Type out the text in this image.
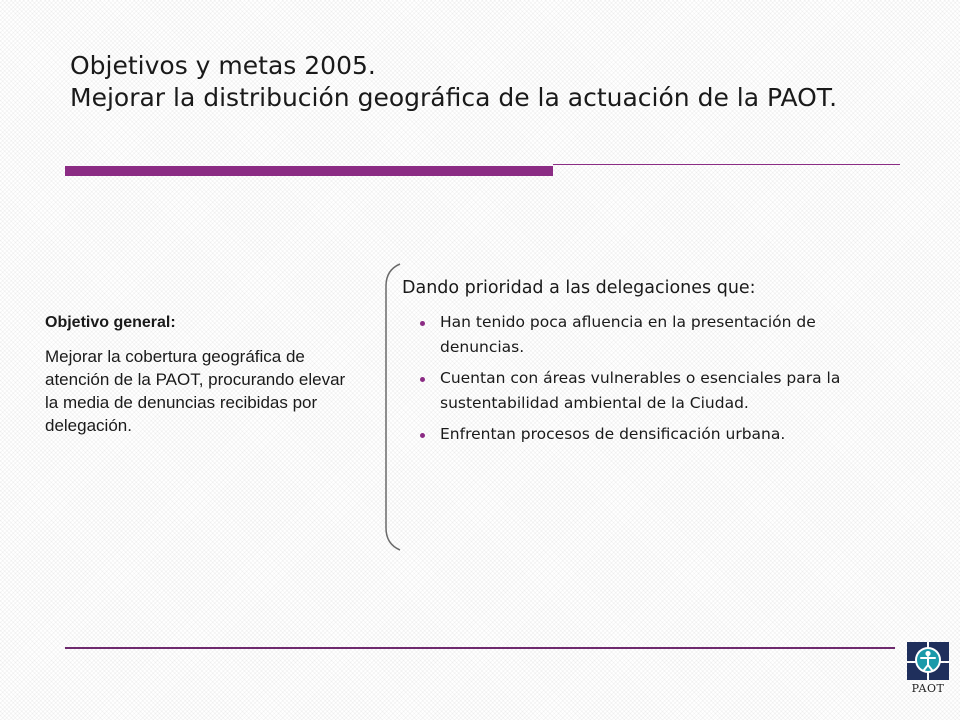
Objetivos y metas 2005.
Mejorar la distribución geográfica de la actuación de la PAOT.

Objetivo general:

Mejorar la cobertura geográfica de atención de la PAOT, procurando elevar la media de denuncias recibidas por delegación.

Dando prioridad a las delegaciones que:

Han tenido poca afluencia en la presentación de denuncias.
Cuentan con áreas vulnerables o esenciales para la sustentabilidad ambiental de la Ciudad.
Enfrentan procesos de densificación urbana.
PAOT
